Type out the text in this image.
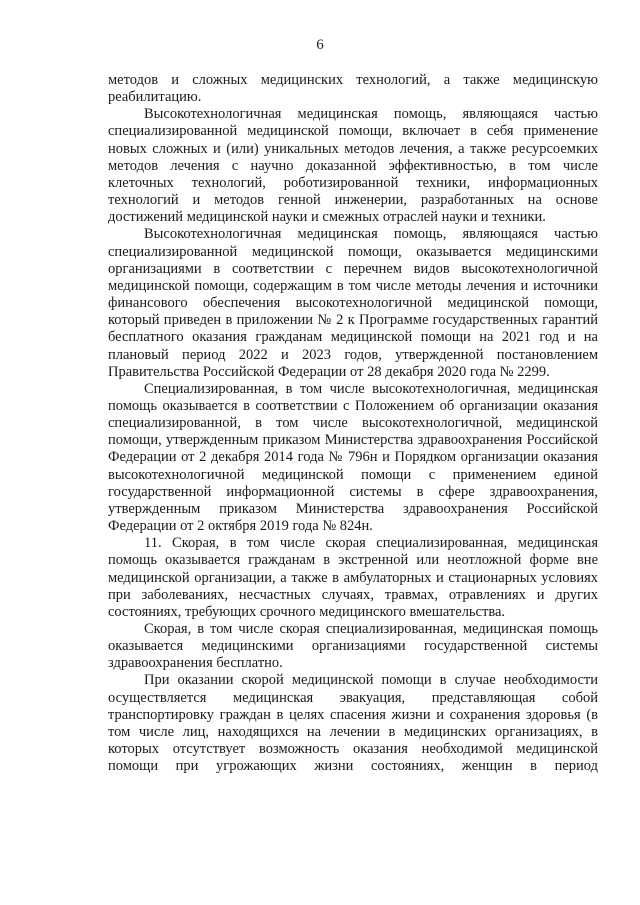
6

методов и сложных медицинских технологий, а также медицинскую реабилитацию.

Высокотехнологичная медицинская помощь, являющаяся частью специализированной медицинской помощи, включает в себя применение новых сложных и (или) уникальных методов лечения, а также ресурсоемких методов лечения с научно доказанной эффективностью, в том числе клеточных технологий, роботизированной техники, информационных технологий и методов генной инженерии, разработанных на основе достижений медицинской науки и смежных отраслей науки и техники.

Высокотехнологичная медицинская помощь, являющаяся частью специализированной медицинской помощи, оказывается медицинскими организациями в соответствии с перечнем видов высокотехнологичной медицинской помощи, содержащим в том числе методы лечения и источники финансового обеспечения высокотехнологичной медицинской помощи, который приведен в приложении № 2 к Программе государственных гарантий бесплатного оказания гражданам медицинской помощи на 2021 год и на плановый период 2022 и 2023 годов, утвержденной постановлением Правительства Российской Федерации от 28 декабря 2020 года № 2299.

Специализированная, в том числе высокотехнологичная, медицинская помощь оказывается в соответствии с Положением об организации оказания специализированной, в том числе высокотехнологичной, медицинской помощи, утвержденным приказом Министерства здравоохранения Российской Федерации от 2 декабря 2014 года № 796н и Порядком организации оказания высокотехнологичной медицинской помощи с применением единой государственной информационной системы в сфере здравоохранения, утвержденным приказом Министерства здравоохранения Российской Федерации от 2 октября 2019 года № 824н.

11. Скорая, в том числе скорая специализированная, медицинская помощь оказывается гражданам в экстренной или неотложной форме вне медицинской организации, а также в амбулаторных и стационарных условиях при заболеваниях, несчастных случаях, травмах, отравлениях и других состояниях, требующих срочного медицинского вмешательства.

Скорая, в том числе скорая специализированная, медицинская помощь оказывается медицинскими организациями государственной системы здравоохранения бесплатно.

При оказании скорой медицинской помощи в случае необходимости осуществляется медицинская эвакуация, представляющая собой транспортировку граждан в целях спасения жизни и сохранения здоровья (в том числе лиц, находящихся на лечении в медицинских организациях, в которых отсутствует возможность оказания необходимой медицинской помощи при угрожающих жизни состояниях, женщин в период
